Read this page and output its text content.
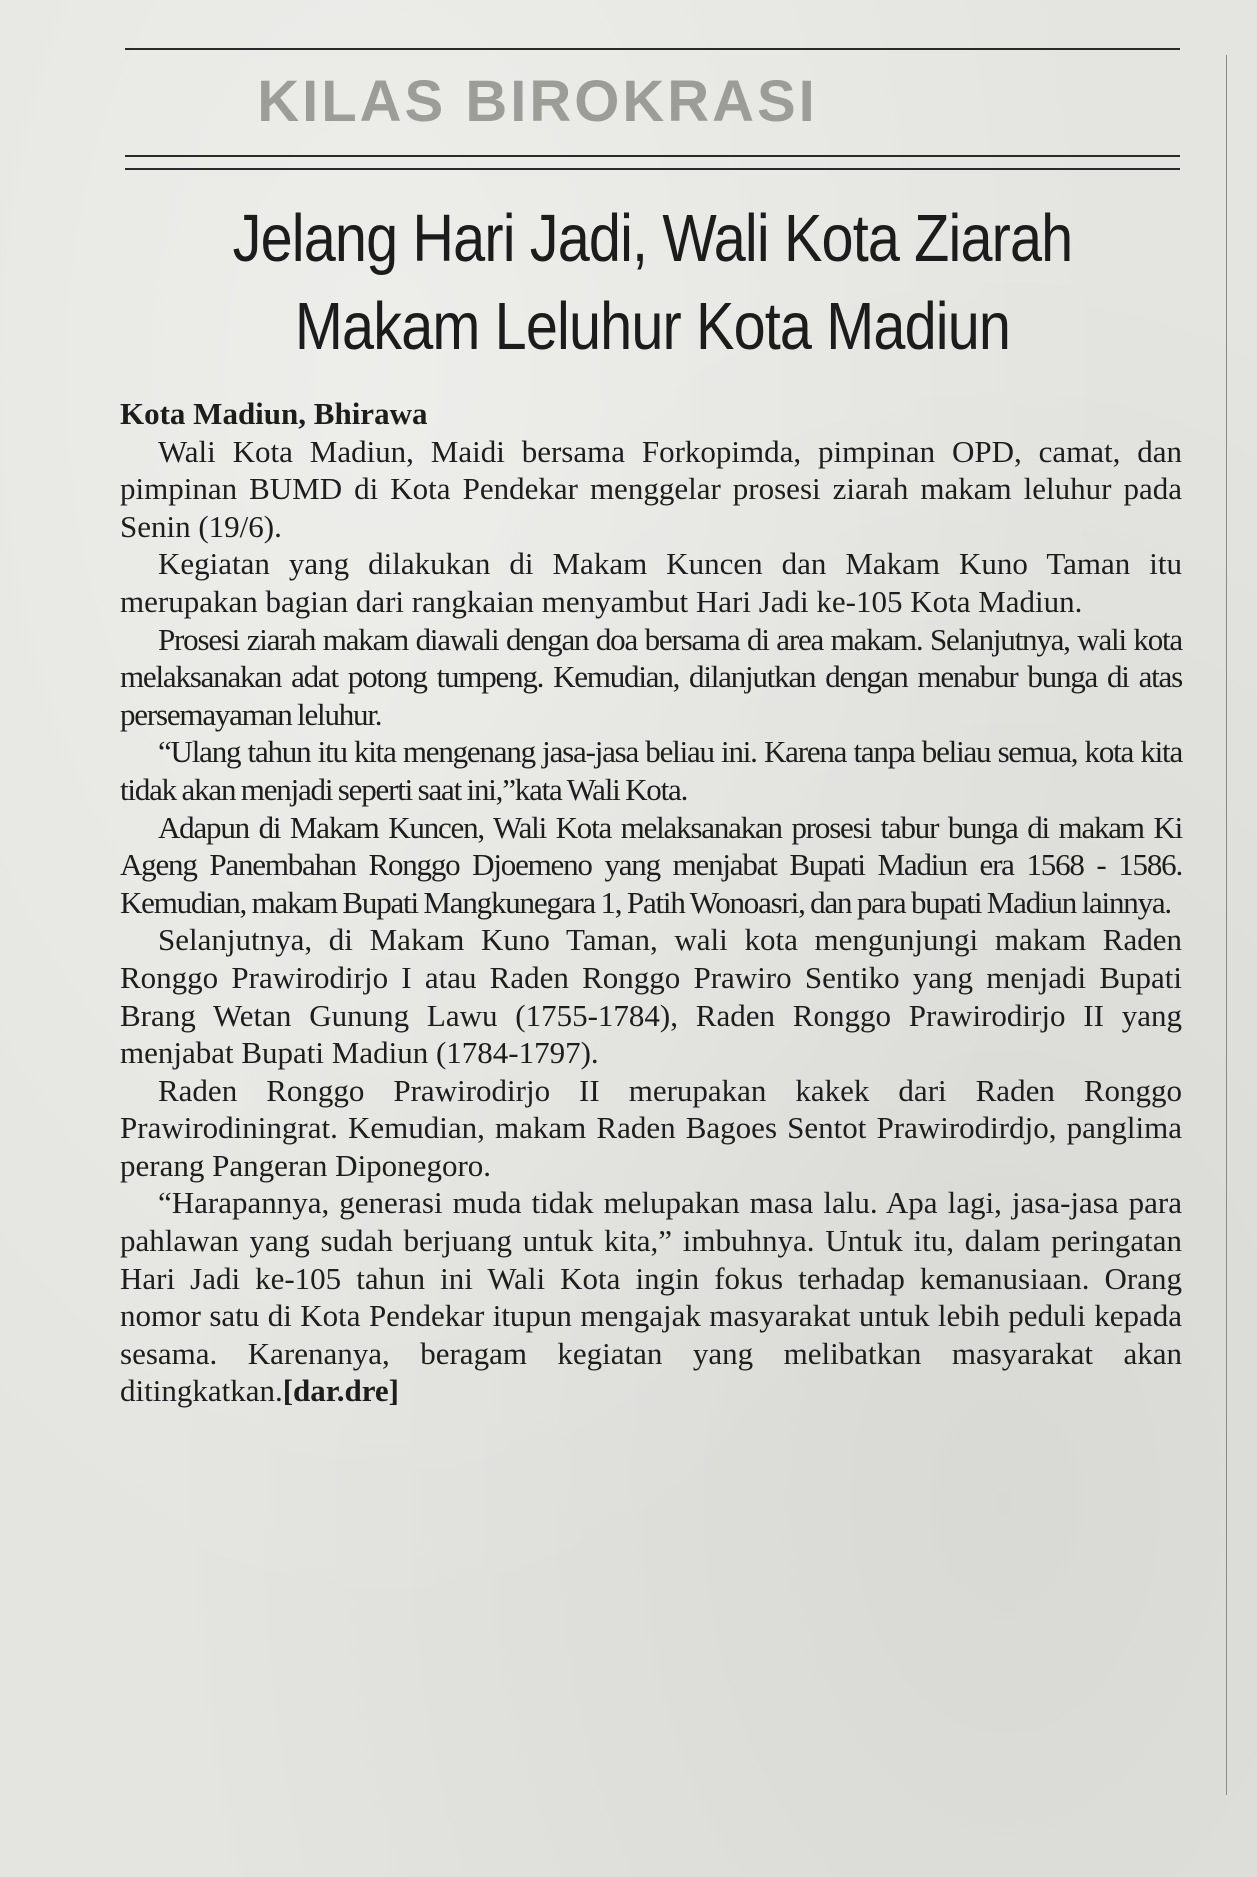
KILAS BIROKRASI
Jelang Hari Jadi, Wali Kota Ziarah
Makam Leluhur Kota Madiun
Kota Madiun, Bhirawa

Wali Kota Madiun, Maidi bersama Forkopimda, pimpinan OPD, camat, dan pimpinan BUMD di Kota Pendekar menggelar prosesi ziarah makam leluhur pada Senin (19/6).

Kegiatan yang dilakukan di Makam Kuncen dan Makam Kuno Taman itu merupakan bagian dari rangkaian menyambut Hari Jadi ke-105 Kota Madiun.

Prosesi ziarah makam diawali dengan doa bersama di area makam. Selanjutnya, wali kota melaksanakan adat potong tumpeng. Kemudian, dilanjutkan dengan menabur bunga di atas persemayaman leluhur.

“Ulang tahun itu kita mengenang jasa-jasa beliau ini. Karena tanpa beliau semua, kota kita tidak akan menjadi seperti saat ini,”kata Wali Kota.

Adapun di Makam Kuncen, Wali Kota melaksanakan prosesi tabur bunga di makam Ki Ageng Panembahan Ronggo Djoemeno yang menjabat Bupati Madiun era 1568 - 1586. Kemudian, makam Bupati Mangkunegara 1, Patih Wonoasri, dan para bupati Madiun lainnya.

Selanjutnya, di Makam Kuno Taman, wali kota mengunjungi makam Raden Ronggo Prawirodirjo I atau Raden Ronggo Prawiro Sentiko yang menjadi Bupati Brang Wetan Gunung Lawu (1755-1784), Raden Ronggo Prawirodirjo II yang menjabat Bupati Madiun (1784-1797).

Raden Ronggo Prawirodirjo II merupakan kakek dari Raden Ronggo Prawirodiningrat. Kemudian, makam Raden Bagoes Sentot Prawirodirdjo, panglima perang Pangeran Diponegoro.

“Harapannya, generasi muda tidak melupakan masa lalu. Apa lagi, jasa-jasa para pahlawan yang sudah berjuang untuk kita,” imbuhnya. Untuk itu, dalam peringatan Hari Jadi ke-105 tahun ini Wali Kota ingin fokus terhadap kemanusiaan. Orang nomor satu di Kota Pendekar itupun mengajak masyarakat untuk lebih peduli kepada sesama. Karenanya, beragam kegiatan yang melibatkan masyarakat akan ditingkatkan.[dar.dre]
